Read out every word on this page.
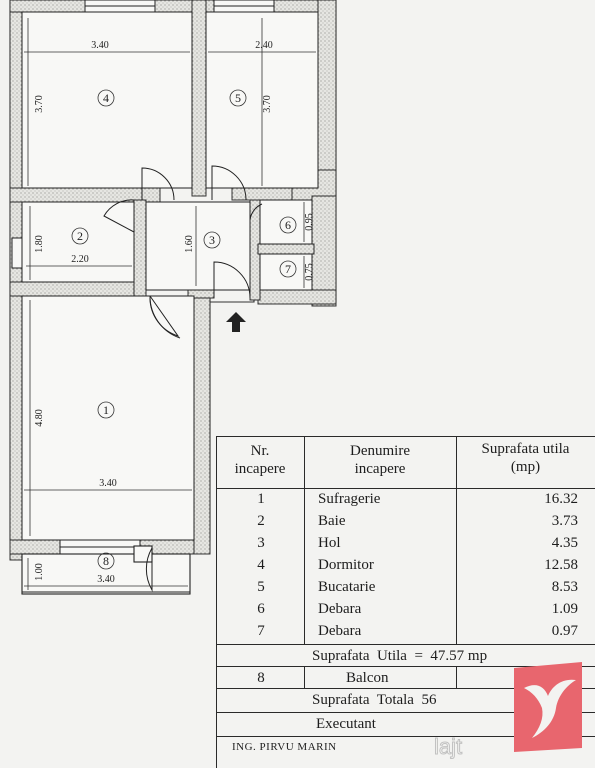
3.40	2.40
3.70	3.70
2.20
1.80	1.60
0.95
0.75
3.40
4.80
3.40
1.00
4	5
2	3
6
7
1
8
Nr.
incapere
Denumire
incapere
Suprafata utila
(mp)
1	Sufragerie	16.32
2	Baie	3.73
3	Hol	4.35
4	Dormitor	12.58
5	Bucatarie	8.53
6	Debara	1.09
7	Debara	0.97
Suprafata  Utila  =  47.57 mp
8	Balcon
Suprafata  Totala  56
Executant
ING. PIRVU MARIN	lajt
